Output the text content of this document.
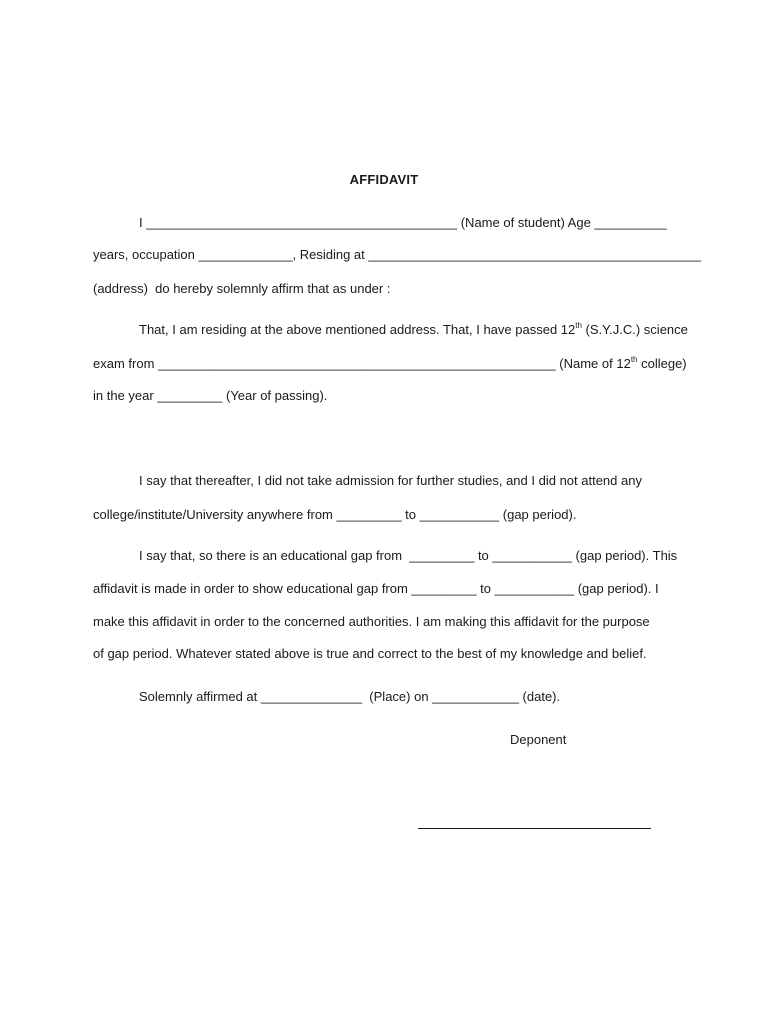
AFFIDAVIT
I ___________________________________________ (Name of student) Age __________
years, occupation _____________, Residing at ______________________________________________
(address)  do hereby solemnly affirm that as under :
That, I am residing at the above mentioned address. That, I have passed 12th (S.Y.J.C.) science
exam from _______________________________________________________ (Name of 12th college)
in the year _________ (Year of passing).
I say that thereafter, I did not take admission for further studies, and I did not attend any
college/institute/University anywhere from _________ to ___________ (gap period).
I say that, so there is an educational gap from  _________ to ___________ (gap period). This
affidavit is made in order to show educational gap from _________ to ___________ (gap period). I
make this affidavit in order to the concerned authorities. I am making this affidavit for the purpose
of gap period. Whatever stated above is true and correct to the best of my knowledge and belief.
Solemnly affirmed at ______________  (Place) on ____________ (date).
Deponent
